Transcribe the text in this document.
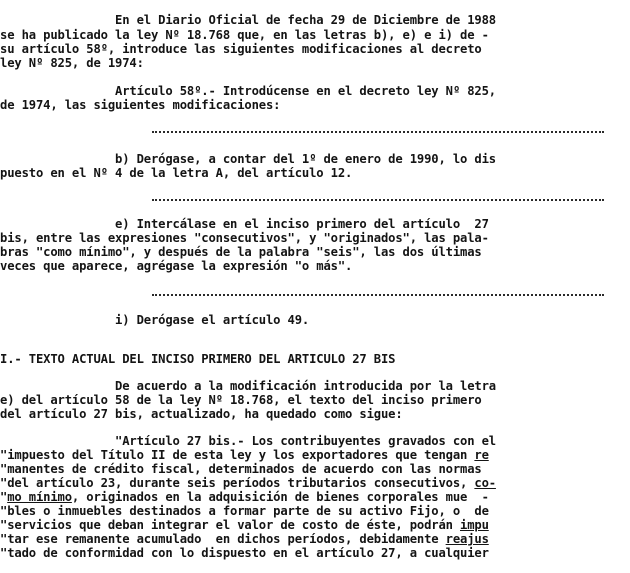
En el Diario Oficial de fecha 29 de Diciembre de 1988
se ha publicado la ley Nº 18.768 que, en las letras b), e) e i) de -
su artículo 58º, introduce las siguientes modificaciones al decreto
ley Nº 825, de 1974:
Artículo 58º.- Introdúcense en el decreto ley Nº 825,
de 1974, las siguientes modificaciones:
b) Derógase, a contar del 1º de enero de 1990, lo dis
puesto en el Nº 4 de la letra A, del artículo 12.
e) Intercálase en el inciso primero del artículo  27
bis, entre las expresiones "consecutivos", y "originados", las pala-
bras "como mínimo", y después de la palabra "seis", las dos últimas
veces que aparece, agrégase la expresión "o más".
i) Derógase el artículo 49.
I.- TEXTO ACTUAL DEL INCISO PRIMERO DEL ARTICULO 27 BIS
De acuerdo a la modificación introducida por la letra
e) del artículo 58 de la ley Nº 18.768, el texto del inciso primero
del artículo 27 bis, actualizado, ha quedado como sigue:
"Artículo 27 bis.- Los contribuyentes gravados con el
"impuesto del Título II de esta ley y los exportadores que tengan re
"manentes de crédito fiscal, determinados de acuerdo con las normas
"del artículo 23, durante seis períodos tributarios consecutivos, co-
"mo mínimo, originados en la adquisición de bienes corporales mue  -
"bles o inmuebles destinados a formar parte de su activo Fijo, o  de
"servicios que deban integrar el valor de costo de éste, podrán impu
"tar ese remanente acumulado  en dichos períodos, debidamente reajus
"tado de conformidad con lo dispuesto en el artículo 27, a cualquier
